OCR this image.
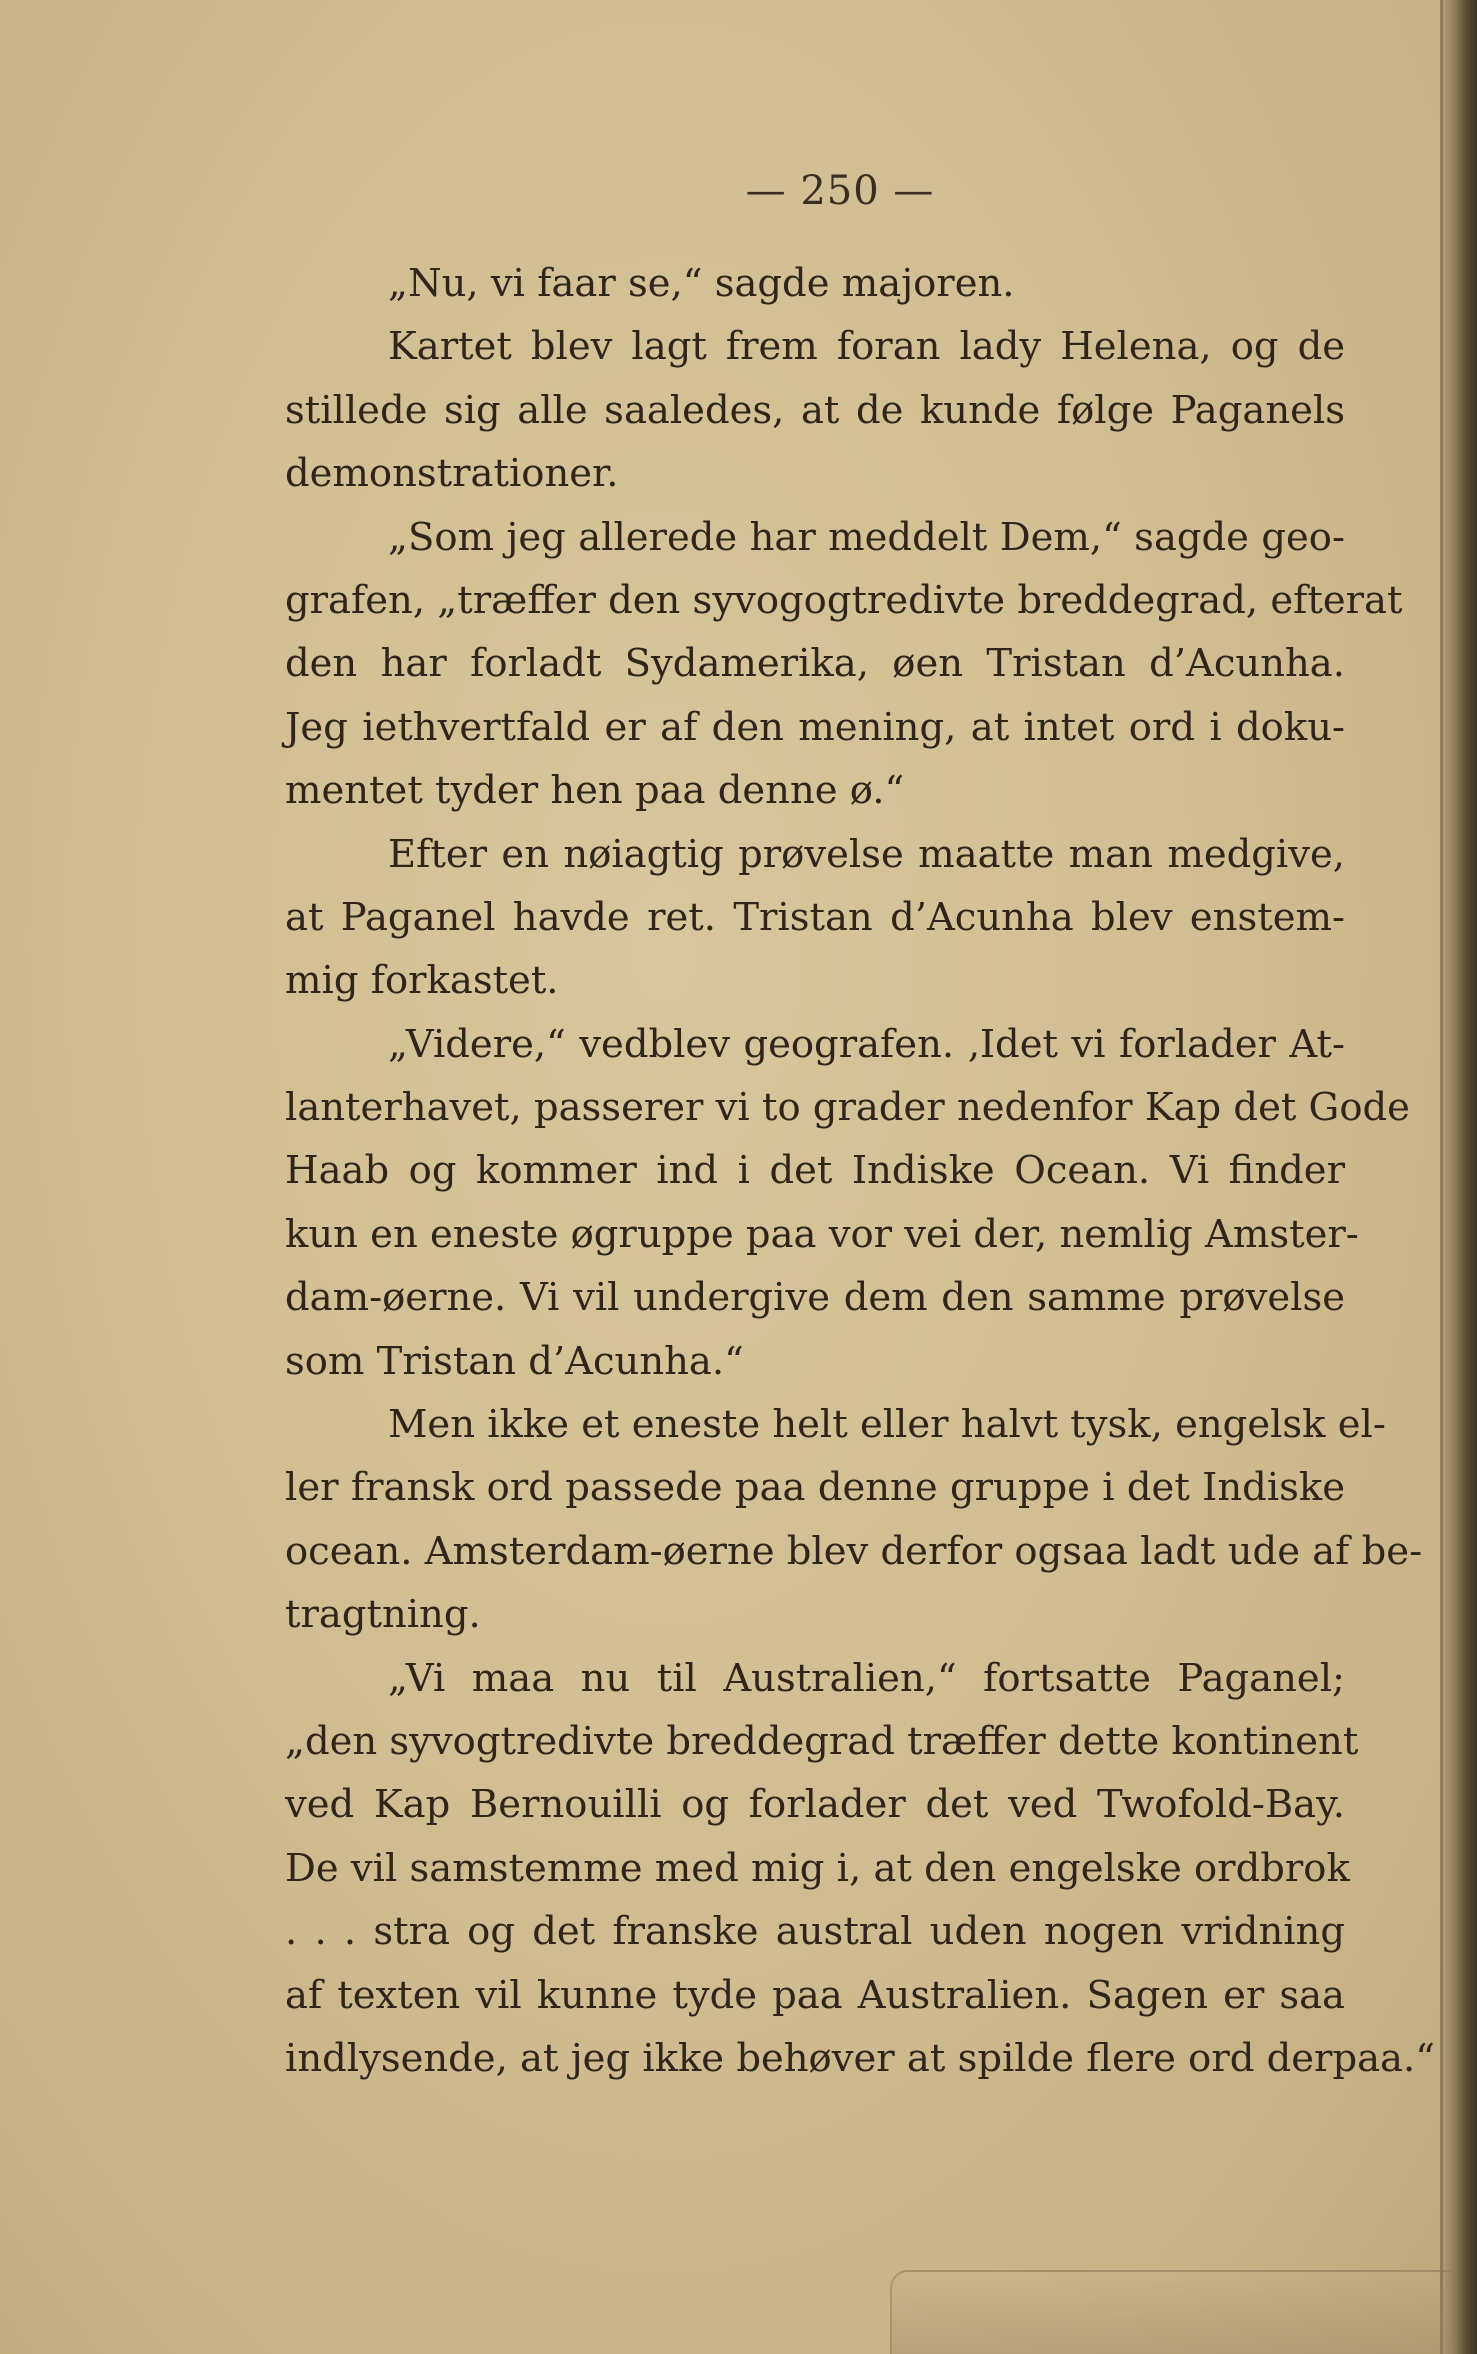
— 250 —
„Nu, vi faar se,“ sagde majoren.
Kartet blev lagt frem foran lady Helena, og de
stillede sig alle saaledes, at de kunde følge Paganels
demonstrationer.
„Som jeg allerede har meddelt Dem,“ sagde geo-
grafen, „træffer den syvogogtredivte breddegrad, efterat
den har forladt Sydamerika, øen Tristan d’Acunha.
Jeg iethvertfald er af den mening, at intet ord i doku-
mentet tyder hen paa denne ø.“
Efter en nøiagtig prøvelse maatte man medgive,
at Paganel havde ret. Tristan d’Acunha blev enstem-
mig forkastet.
„Videre,“ vedblev geografen. ‚Idet vi forlader At-
lanterhavet, passerer vi to grader nedenfor Kap det Gode
Haab og kommer ind i det Indiske Ocean. Vi finder
kun en eneste øgruppe paa vor vei der, nemlig Amster-
dam-øerne. Vi vil undergive dem den samme prøvelse
som Tristan d’Acunha.“
Men ikke et eneste helt eller halvt tysk, engelsk el-
ler fransk ord passede paa denne gruppe i det Indiske
ocean. Amsterdam-øerne blev derfor ogsaa ladt ude af be-
tragtning.
„Vi maa nu til Australien,“ fortsatte Paganel;
„den syvogtredivte breddegrad træffer dette kontinent
ved Kap Bernouilli og forlader det ved Twofold-Bay.
De vil samstemme med mig i, at den engelske ordbrok
. . . stra og det franske austral uden nogen vridning
af texten vil kunne tyde paa Australien. Sagen er saa
indlysende, at jeg ikke behøver at spilde flere ord derpaa.“
